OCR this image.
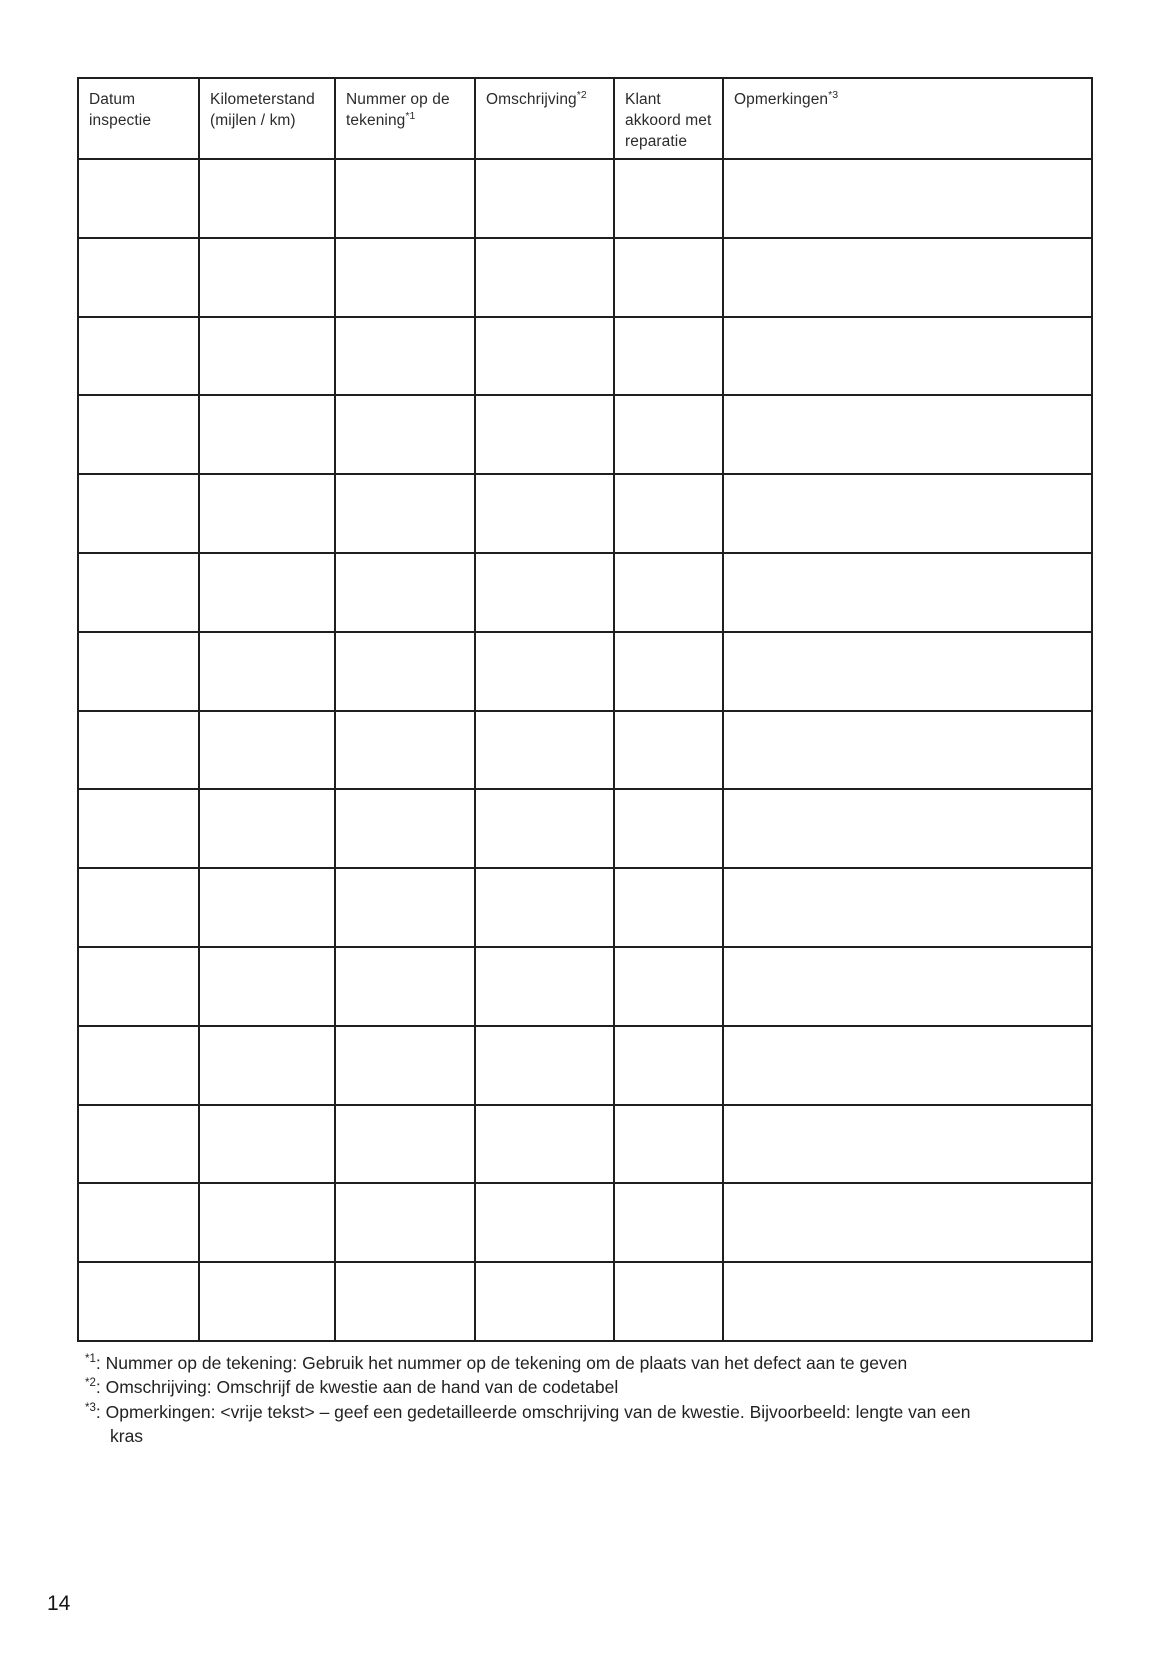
Datum inspectie	Kilometerstand (mijlen / km)	Nummer op de tekening$^{*1}$	Omschrijving$^{*2}$	Klant akkoord met reparatie	Opmerkingen$^{*3}$

$^{*1}$: Nummer op de tekening: Gebruik het nummer op de tekening om de plaats van het defect aan te geven
$^{*2}$: Omschrijving: Omschrijf de kwestie aan de hand van de codetabel
$^{*3}$: Opmerkingen: <vrije tekst> – geef een gedetailleerde omschrijving van de kwestie. Bijvoorbeeld: lengte van een kras
14
